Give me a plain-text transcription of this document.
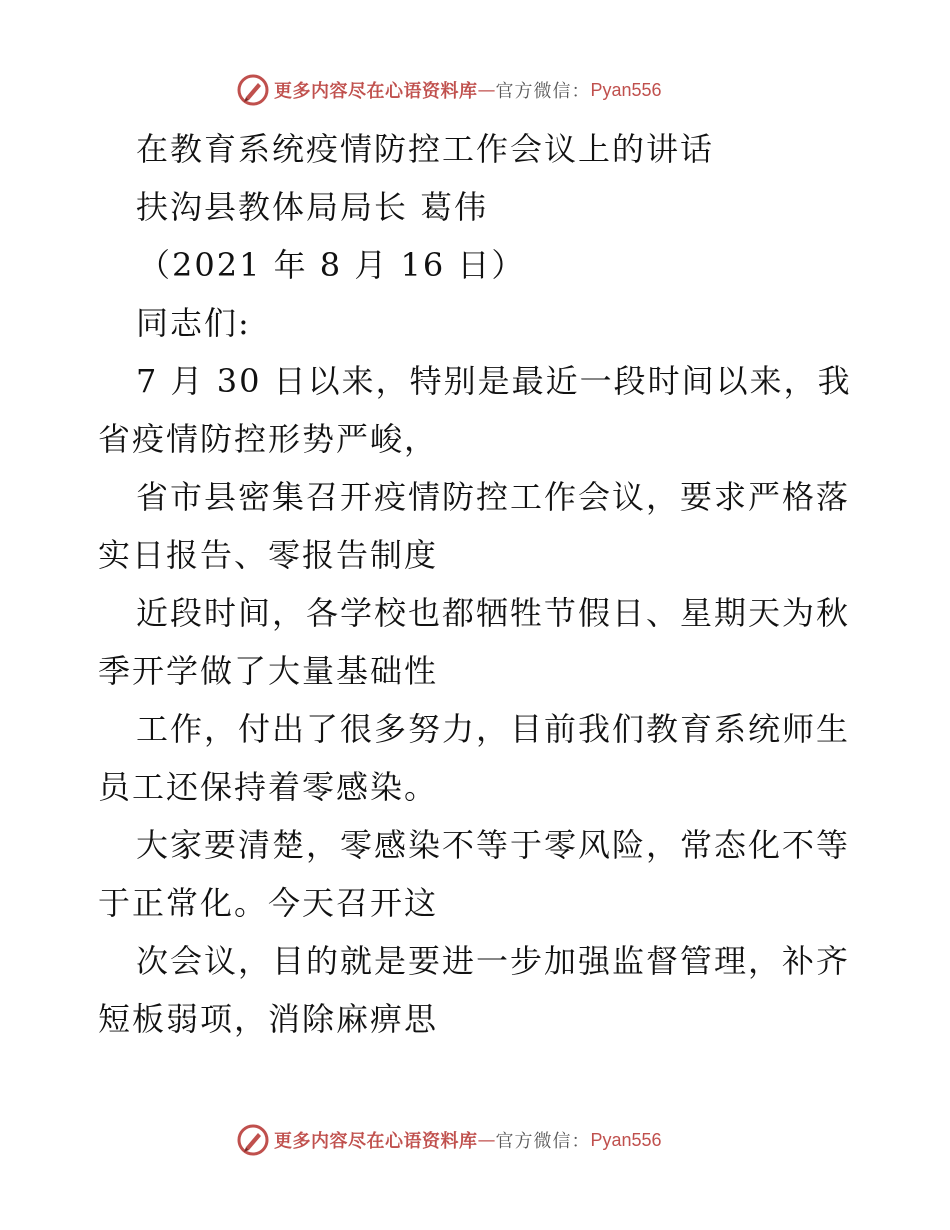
更多内容尽在心语资料库 — 官方微信： Pyan556
在教育系统疫情防控工作会议上的讲话
扶沟县教体局局长 葛伟
（2021 年 8 月 16 日）
同志们:
7 月 30 日以来，特别是最近一段时间以来，我
省疫情防控形势严峻，
省市县密集召开疫情防控工作会议，要求严格落
实日报告、零报告制度
近段时间，各学校也都牺牲节假日、星期天为秋
季开学做了大量基础性
工作，付出了很多努力，目前我们教育系统师生
员工还保持着零感染。
大家要清楚，零感染不等于零风险，常态化不等
于正常化。今天召开这
次会议，目的就是要进一步加强监督管理，补齐
短板弱项，消除麻痹思
更多内容尽在心语资料库 — 官方微信： Pyan556
